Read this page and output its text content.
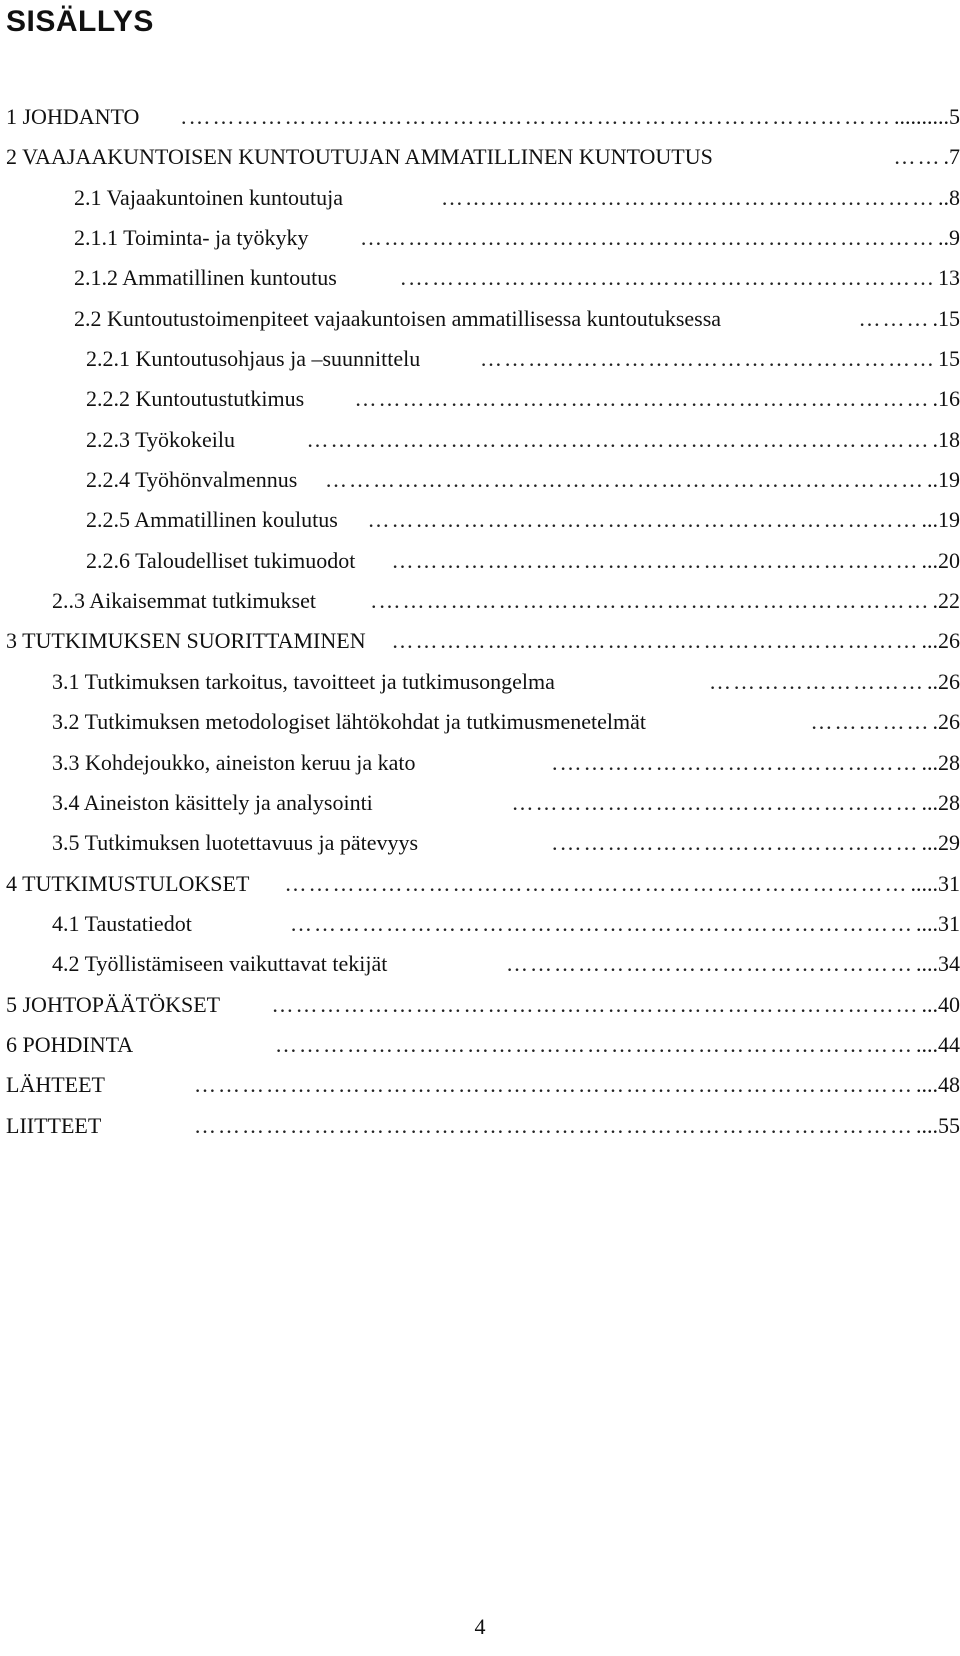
SISÄLLYS
1 JOHDANTO	………………….…………………………………………………………. ..........5
2 VAAJAAKUNTOISEN KUNTOUTUJAN AMMATILLINEN KUNTOUTUS	…… .7
2.1 Vajaakuntoinen kuntoutuja	………………………………………………..…… ..8
2.1.1 Toiminta- ja työkyky	……………………………………………………………… ..9
2.1.2 Ammatillinen kuntoutus	…………………………………………………………. 13
2.2 Kuntoutustoimenpiteet vajaakuntoisen ammatillisessa kuntoutuksessa	……… .15
2.2.1 Kuntoutusohjaus ja –suunnittelu	………………………………………………… 15
2.2.2 Kuntoutustutkimus	……………………………………………………………… .16
2.2.3 Työkokeilu	…………………………………………………………………… .18
2.2.4 Työhönvalmennus	………………………………………………………………… ..19
2.2.5 Ammatillinen koulutus	…………………………………………………………… ...19
2.2.6 Taloudelliset tukimuodot	………………………………………………………… ...20
2..3 Aikaisemmat tutkimukset	……………………………………………………………. .22
3 TUTKIMUKSEN SUORITTAMINEN	………………………………………………………… ...26
3.1 Tutkimuksen tarkoitus, tavoitteet ja tutkimusongelma	……………………… ..26
3.2 Tutkimuksen metodologiset lähtökohdat ja tutkimusmenetelmät	…………… .26
3.3 Kohdejoukko, aineiston keruu ja kato	………………………………………. ...28
3.4 Aineiston käsittely ja analysointi	…………………………………………… ...28
3.5 Tutkimuksen luotettavuus ja pätevyys	………………………………………. ...29
4 TUTKIMUSTULOKSET	…………………………………………………………………… .....31
4.1 Taustatiedot	…………………………………………………………………… ....31
4.2 Työllistämiseen vaikuttavat tekijät	…………………………………………… ....34
5 JOHTOPÄÄTÖKSET	……………………………………………………………………… ...40
6 POHDINTA	…………………………..………………………………………… ....44
LÄHTEET	……………………………………………………………………………… ....48
LIITTEET	……………………………………………………………………………… ....55
4
